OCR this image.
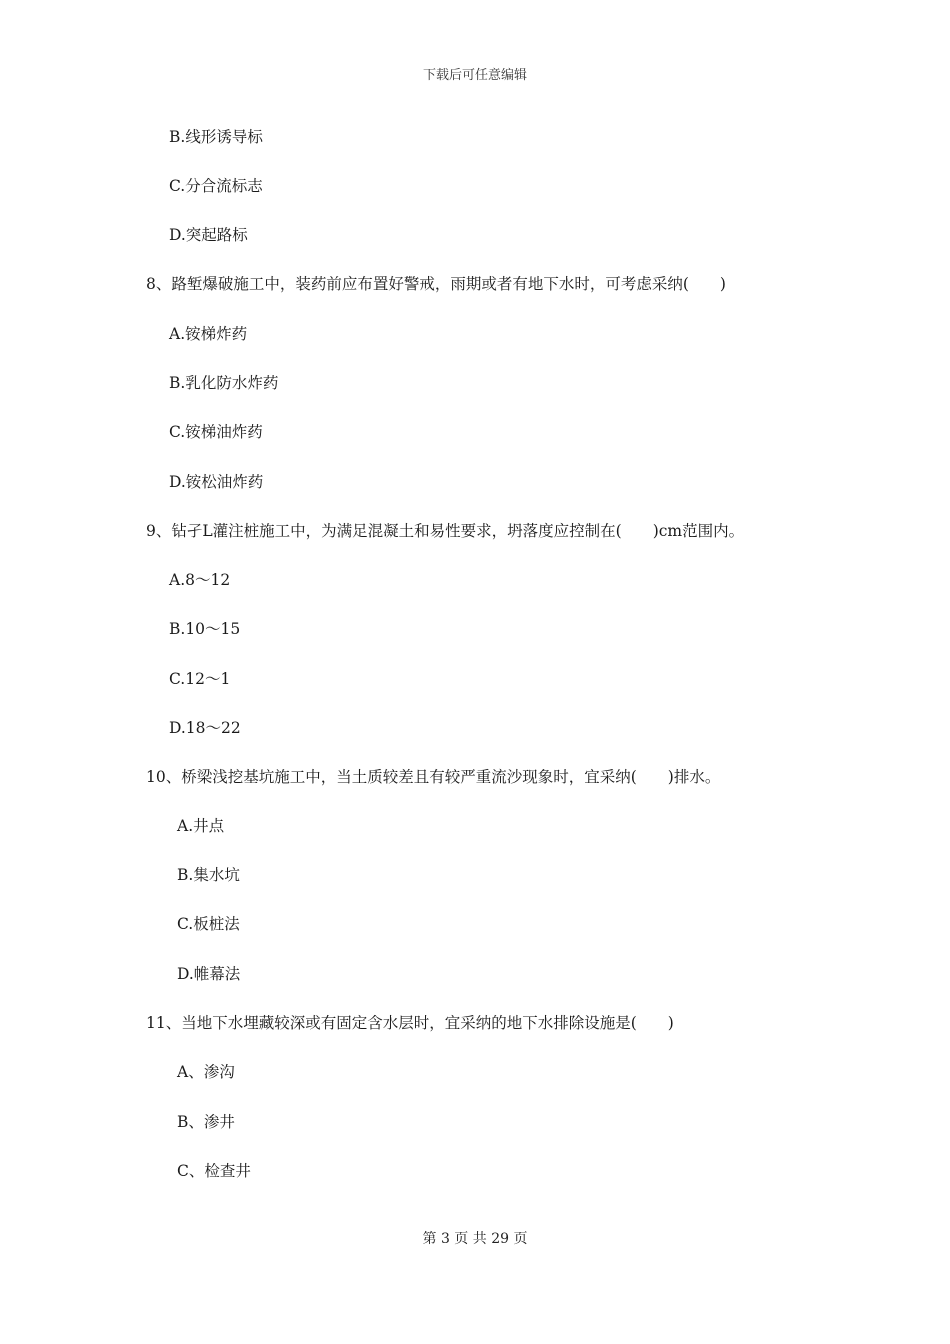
下载后可任意编辑
B.线形诱导标
C.分合流标志
D.突起路标
8、路堑爆破施工中，装药前应布置好警戒，雨期或者有地下水时，可考虑采纳(　　)
A.铵梯炸药
B.乳化防水炸药
C.铵梯油炸药
D.铵松油炸药
9、钻孑L灌注桩施工中，为满足混凝土和易性要求，坍落度应控制在(　　)cm范围内。
A.8～12
B.10～15
C.12～1
D.18～22
10、桥梁浅挖基坑施工中，当土质较差且有较严重流沙现象时，宜采纳(　　)排水。
A.井点
B.集水坑
C.板桩法
D.帷幕法
11、当地下水埋藏较深或有固定含水层时，宜采纳的地下水排除设施是(　　)
A、渗沟
B、渗井
C、检查井
第 3 页 共 29 页
